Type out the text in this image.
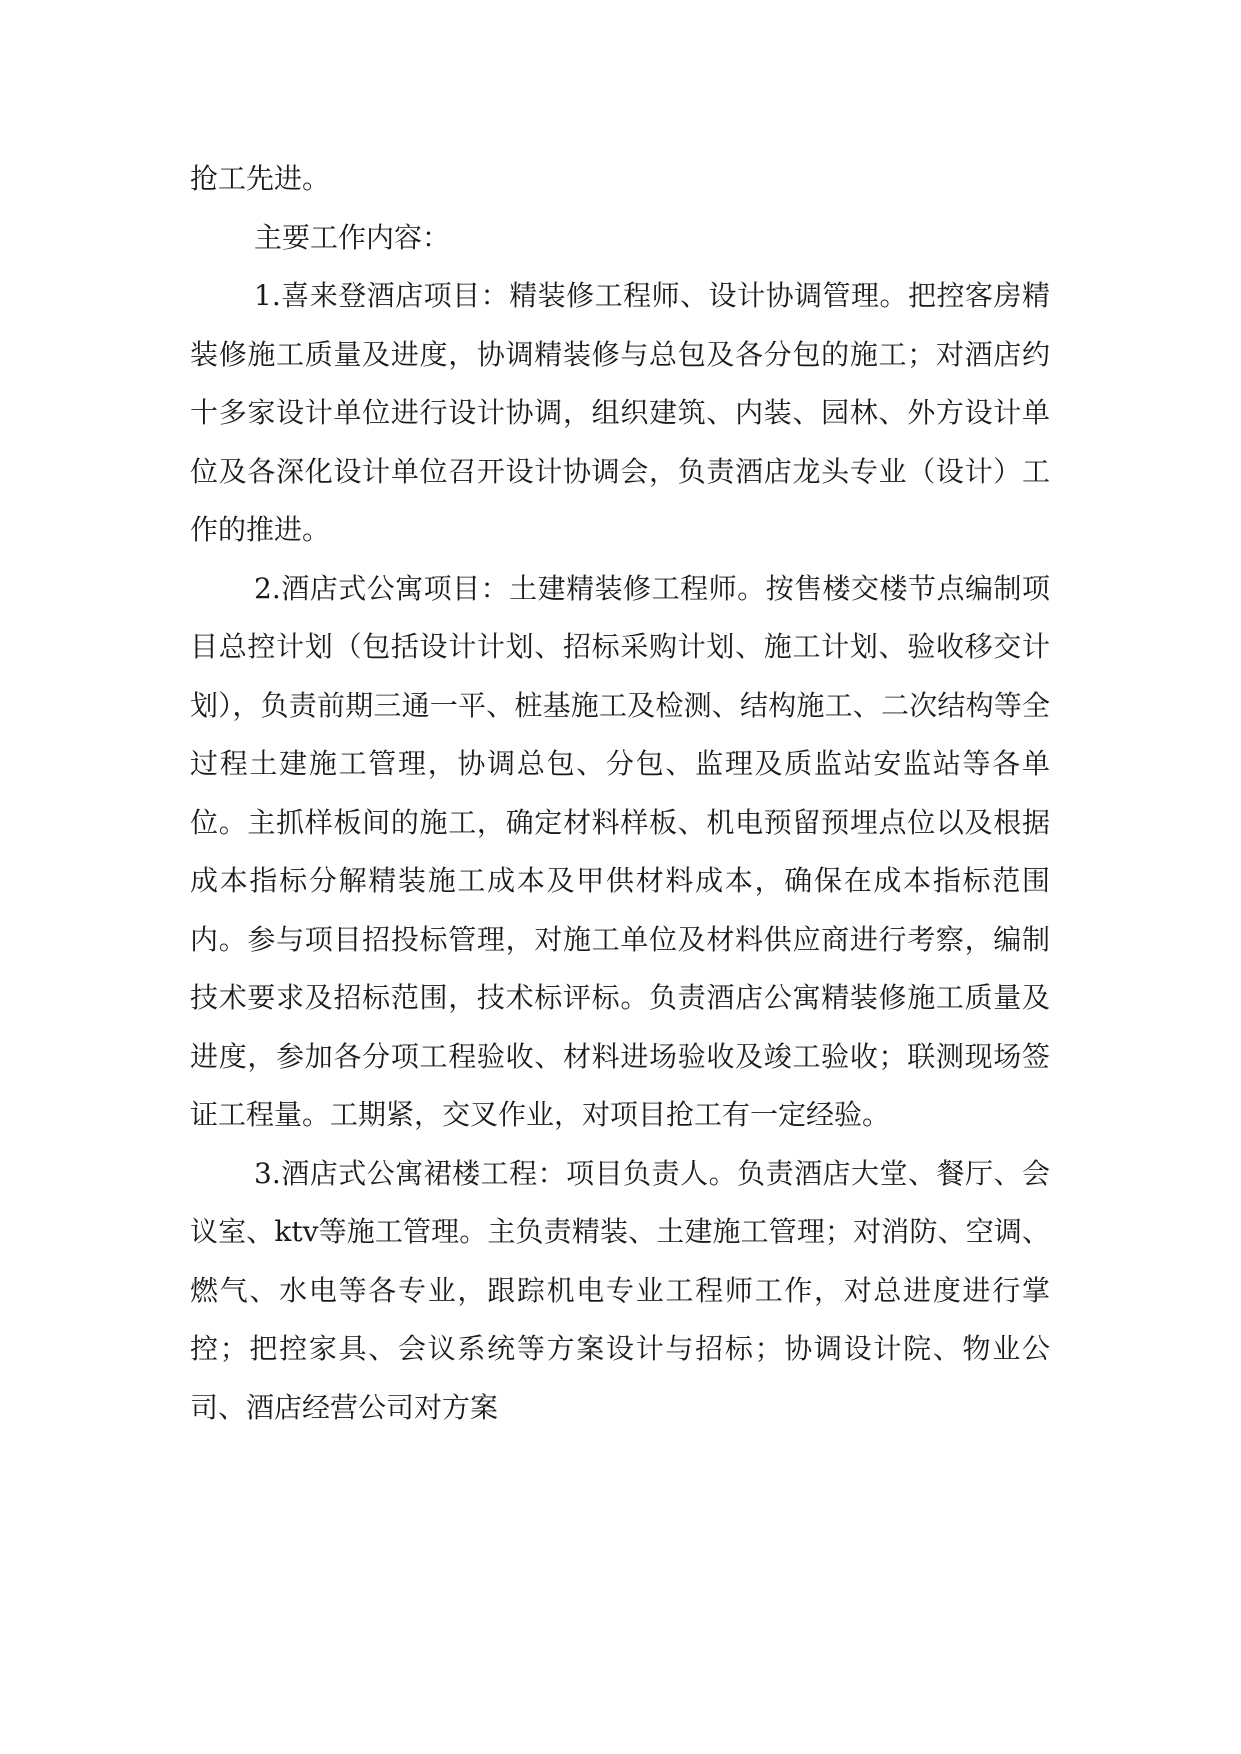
抢工先进。

主要工作内容：

1.喜来登酒店项目：精装修工程师、设计协调管理。把控客房精装修施工质量及进度，协调精装修与总包及各分包的施工；对酒店约十多家设计单位进行设计协调，组织建筑、内装、园林、外方设计单位及各深化设计单位召开设计协调会，负责酒店龙头专业（设计）工作的推进。

2.酒店式公寓项目：土建精装修工程师。按售楼交楼节点编制项目总控计划（包括设计计划、招标采购计划、施工计划、验收移交计划），负责前期三通一平、桩基施工及检测、结构施工、二次结构等全过程土建施工管理，协调总包、分包、监理及质监站安监站等各单位。主抓样板间的施工，确定材料样板、机电预留预埋点位以及根据成本指标分解精装施工成本及甲供材料成本，确保在成本指标范围内。参与项目招投标管理，对施工单位及材料供应商进行考察，编制技术要求及招标范围，技术标评标。负责酒店公寓精装修施工质量及进度，参加各分项工程验收、材料进场验收及竣工验收；联测现场签证工程量。工期紧，交叉作业，对项目抢工有一定经验。

3.酒店式公寓裙楼工程：项目负责人。负责酒店大堂、餐厅、会议室、ktv等施工管理。主负责精装、土建施工管理；对消防、空调、燃气、水电等各专业，跟踪机电专业工程师工作，对总进度进行掌控；把控家具、会议系统等方案设计与招标；协调设计院、物业公司、酒店经营公司对方案
